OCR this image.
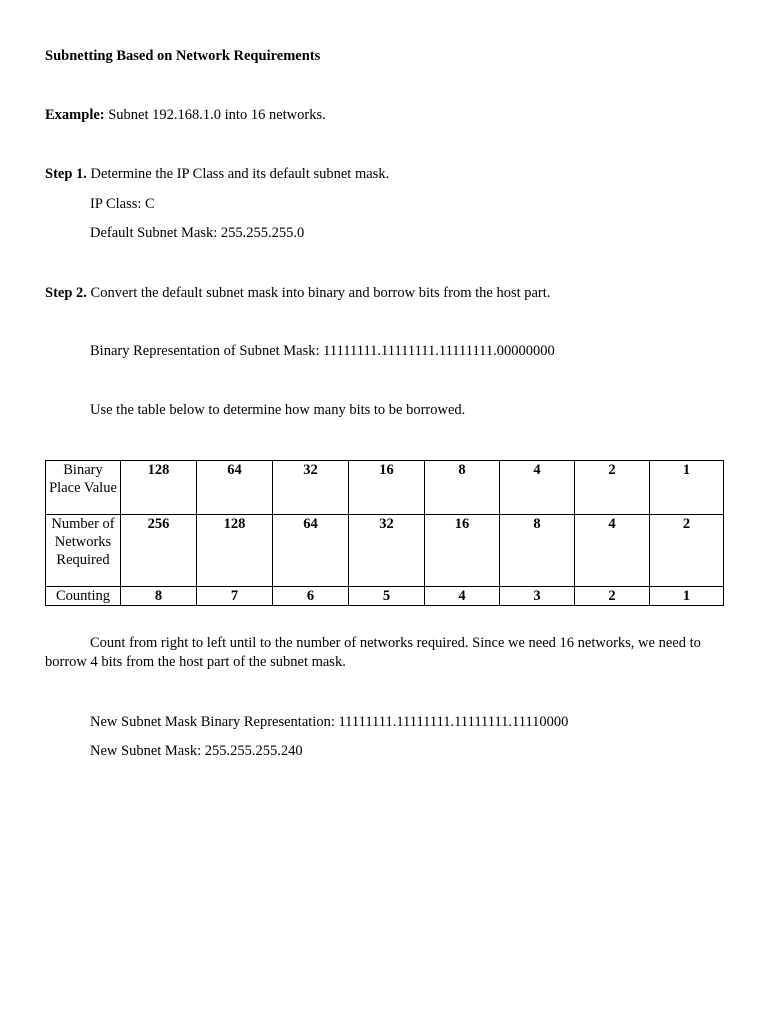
Subnetting Based on Network Requirements
Example: Subnet 192.168.1.0 into 16 networks.
Step 1. Determine the IP Class and its default subnet mask.
IP Class: C
Default Subnet Mask: 255.255.255.0
Step 2. Convert the default subnet mask into binary and borrow bits from the host part.
Binary Representation of Subnet Mask: 11111111.11111111.11111111.00000000
Use the table below to determine how many bits to be borrowed.
Binary Place Value	128	64	32	16	8	4	2	1
Number of Networks Required	256	128	64	32	16	8	4	2
Counting	8	7	6	5	4	3	2	1
Count from right to left until to the number of networks required. Since we need 16 networks, we need to borrow 4 bits from the host part of the subnet mask.
New Subnet Mask Binary Representation: 11111111.11111111.11111111.11110000
New Subnet Mask: 255.255.255.240
